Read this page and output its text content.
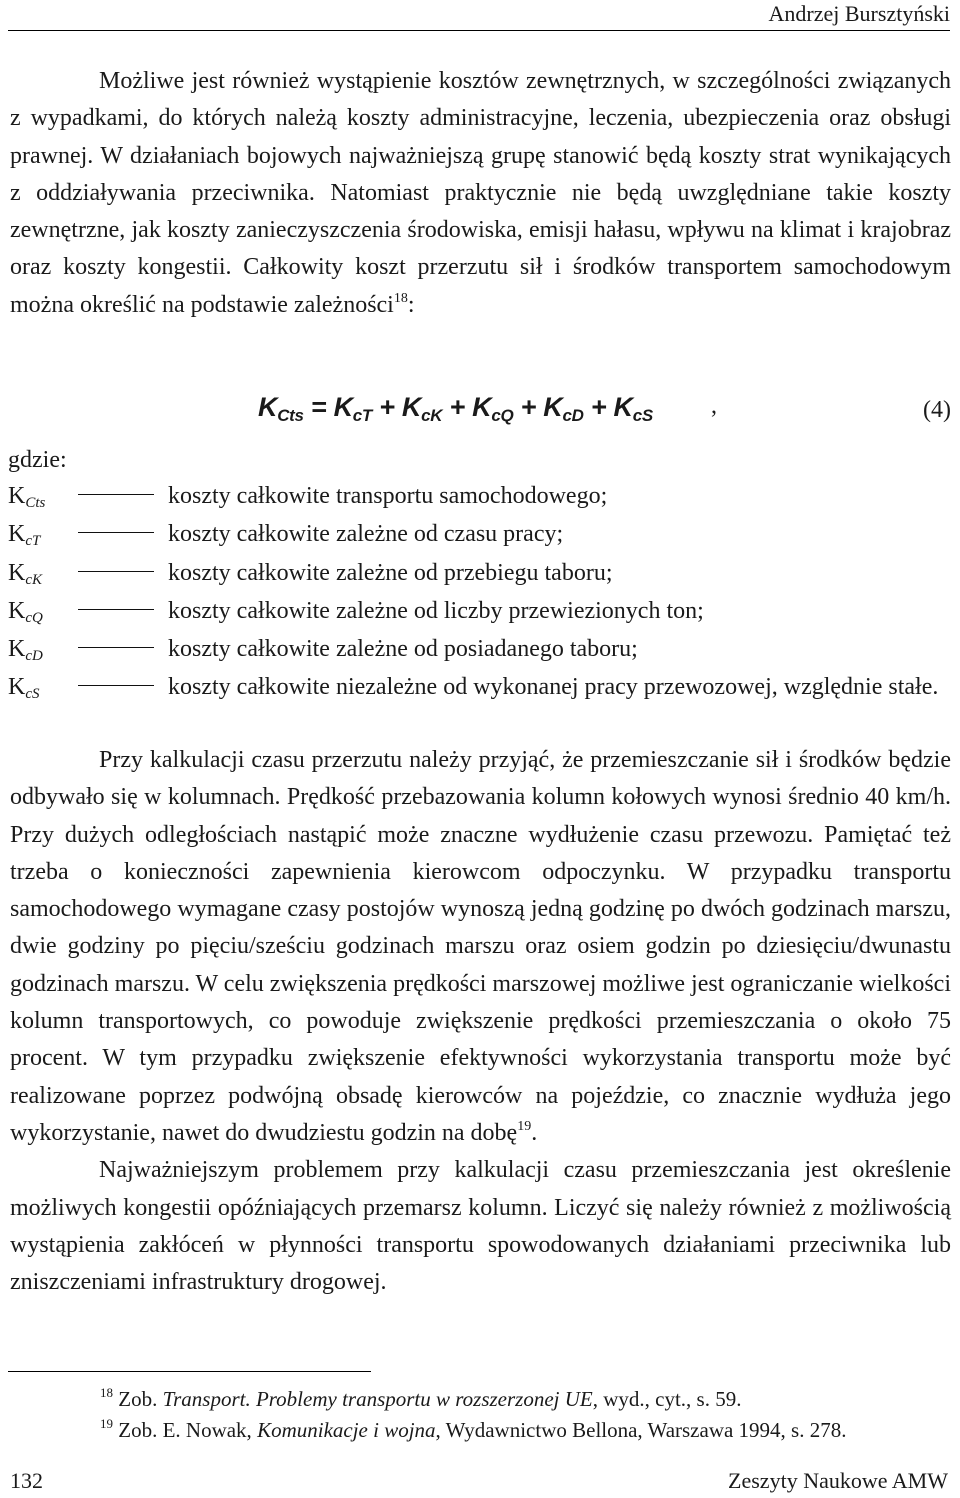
Andrzej Bursztyński

Możliwe jest również wystąpienie kosztów zewnętrznych, w szczególności związanych z wypadkami, do których należą koszty administracyjne, leczenia, ubezpieczenia oraz obsługi prawnej. W działaniach bojowych najważniejszą grupę stanowić będą koszty strat wynikających z oddziaływania przeciwnika. Natomiast praktycznie nie będą uwzględniane takie koszty zewnętrzne, jak koszty zanieczyszczenia środowiska, emisji hałasu, wpływu na klimat i krajobraz oraz koszty kongestii. Całkowity koszt przerzutu sił i środków transportem samochodowym można określić na podstawie zależności$^{18}$:

$K_{Cts} = K_{cT} + K_{cK} + K_{cQ} + K_{cD} + K_{cS}$ ,	(4)
gdzie:
$K_{Cts}$	koszty całkowite transportu samochodowego;
$K_{cT}$	koszty całkowite zależne od czasu pracy;
$K_{cK}$	koszty całkowite zależne od przebiegu taboru;
$K_{cQ}$	koszty całkowite zależne od liczby przewiezionych ton;
$K_{cD}$	koszty całkowite zależne od posiadanego taboru;
$K_{cS}$	koszty całkowite niezależne od wykonanej pracy przewozowej, względnie stałe.

Przy kalkulacji czasu przerzutu należy przyjąć, że przemieszczanie sił i środków będzie odbywało się w kolumnach. Prędkość przebazowania kolumn kołowych wynosi średnio 40 km/h. Przy dużych odległościach nastąpić może znaczne wydłużenie czasu przewozu. Pamiętać też trzeba o konieczności zapewnienia kierowcom odpoczynku. W przypadku transportu samochodowego wymagane czasy postojów wynoszą jedną godzinę po dwóch godzinach marszu, dwie godziny po pięciu/sześciu godzinach marszu oraz osiem godzin po dziesięciu/dwunastu godzinach marszu. W celu zwiększenia prędkości marszowej możliwe jest ograniczanie wielkości kolumn transportowych, co powoduje zwiększenie prędkości przemieszczania o około 75 procent. W tym przypadku zwiększenie efektywności wykorzystania transportu może być realizowane poprzez podwójną obsadę kierowców na pojeździe, co znacznie wydłuża jego wykorzystanie, nawet do dwudziestu godzin na dobę$^{19}$.

Najważniejszym problemem przy kalkulacji czasu przemieszczania jest określenie możliwych kongestii opóźniających przemarsz kolumn. Liczyć się należy również z możliwością wystąpienia zakłóceń w płynności transportu spowodowanych działaniami przeciwnika lub zniszczeniami infrastruktury drogowej.

$^{18}$ Zob. Transport. Problemy transportu w rozszerzonej UE, wyd., cyt., s. 59.
$^{19}$ Zob. E. Nowak, Komunikacje i wojna, Wydawnictwo Bellona, Warszawa 1994, s. 278.
132	Zeszyty Naukowe AMW
